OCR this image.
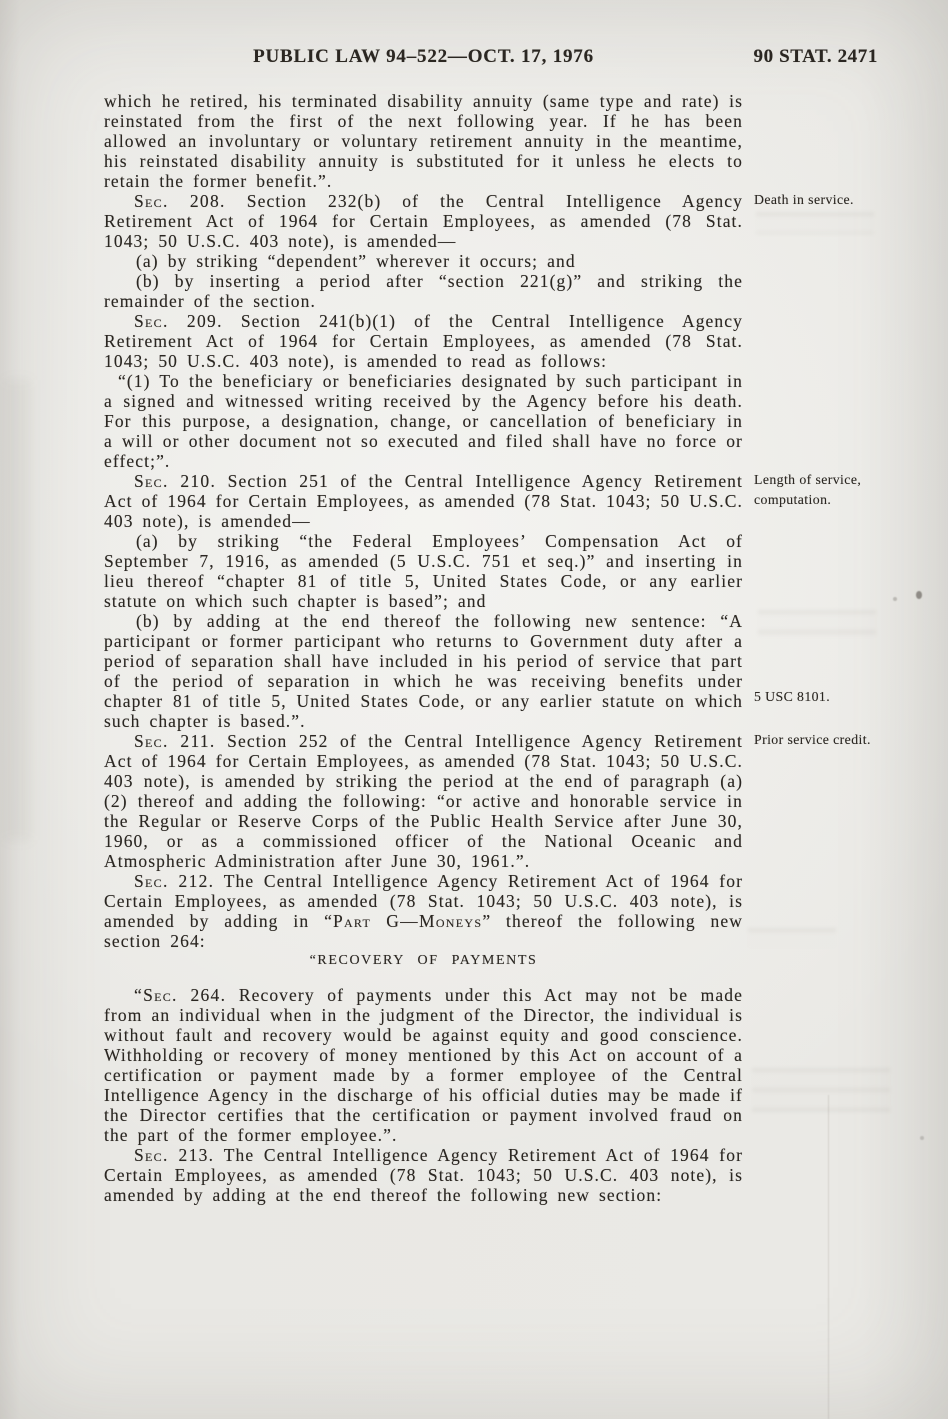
PUBLIC LAW 94–522—OCT. 17, 1976	90 STAT. 2471

which he retired, his terminated disability annuity (same type and rate) is reinstated from the first of the next following year. If he has been allowed an involuntary or voluntary retirement annuity in the meantime, his reinstated disability annuity is substituted for it unless he elects to retain the former benefit.”.

Sec. 208. Section 232(b) of the Central Intelligence Agency Retirement Act of 1964 for Certain Employees, as amended (78 Stat. 1043; 50 U.S.C. 403 note), is amended—

(a) by striking “dependent” wherever it occurs; and

(b) by inserting a period after “section 221(g)” and striking the remainder of the section.

Sec. 209. Section 241(b)(1) of the Central Intelligence Agency Retirement Act of 1964 for Certain Employees, as amended (78 Stat. 1043; 50 U.S.C. 403 note), is amended to read as follows:

“(1) To the beneficiary or beneficiaries designated by such participant in a signed and witnessed writing received by the Agency before his death. For this purpose, a designation, change, or cancellation of beneficiary in a will or other document not so executed and filed shall have no force or effect;”.

Sec. 210. Section 251 of the Central Intelligence Agency Retirement Act of 1964 for Certain Employees, as amended (78 Stat. 1043; 50 U.S.C. 403 note), is amended—

(a) by striking “the Federal Employees’ Compensation Act of September 7, 1916, as amended (5 U.S.C. 751 et seq.)” and inserting in lieu thereof “chapter 81 of title 5, United States Code, or any earlier statute on which such chapter is based”; and

(b) by adding at the end thereof the following new sentence: “A participant or former participant who returns to Government duty after a period of separation shall have included in his period of service that part of the period of separation in which he was receiving benefits under chapter 81 of title 5, United States Code, or any earlier statute on which such chapter is based.”.

Sec. 211. Section 252 of the Central Intelligence Agency Retirement Act of 1964 for Certain Employees, as amended (78 Stat. 1043; 50 U.S.C. 403 note), is amended by striking the period at the end of paragraph (a)(2) thereof and adding the following: “or active and honorable service in the Regular or Reserve Corps of the Public Health Service after June 30, 1960, or as a commissioned officer of the National Oceanic and Atmospheric Administration after June 30, 1961.”.

Sec. 212. The Central Intelligence Agency Retirement Act of 1964 for Certain Employees, as amended (78 Stat. 1043; 50 U.S.C. 403 note), is amended by adding in “Part G—Moneys” thereof the following new section 264:

“RECOVERY OF PAYMENTS

“Sec. 264. Recovery of payments under this Act may not be made from an individual when in the judgment of the Director, the individual is without fault and recovery would be against equity and good conscience. Withholding or recovery of money mentioned by this Act on account of a certification or payment made by a former employee of the Central Intelligence Agency in the discharge of his official duties may be made if the Director certifies that the certification or payment involved fraud on the part of the former employee.”.

Sec. 213. The Central Intelligence Agency Retirement Act of 1964 for Certain Employees, as amended (78 Stat. 1043; 50 U.S.C. 403 note), is amended by adding at the end thereof the following new section:

Death in service.
Length of service, computation.
5 USC 8101.
Prior service credit.
